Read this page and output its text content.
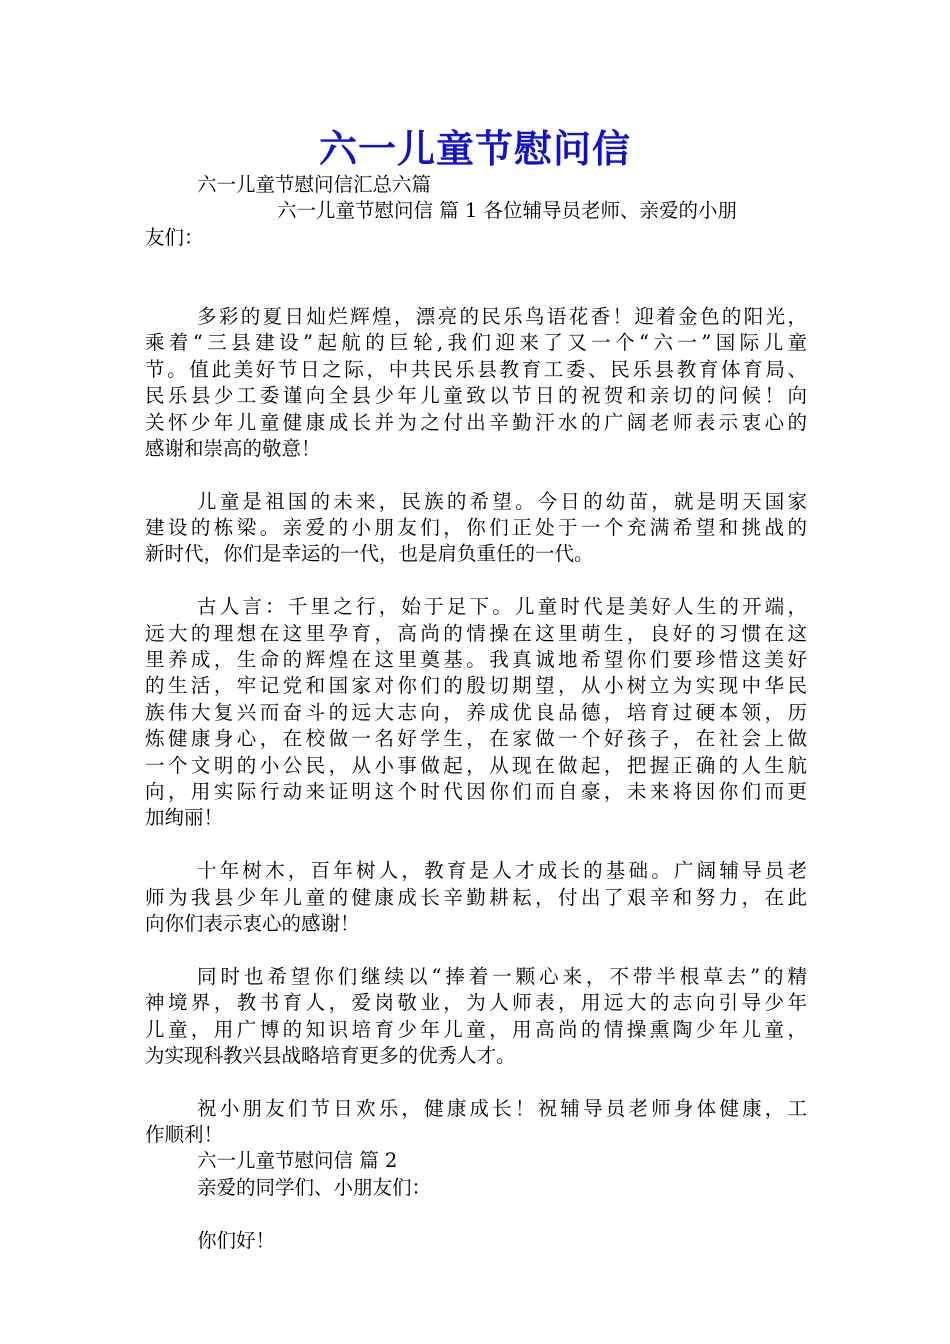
六一儿童节慰问信
六一儿童节慰问信汇总六篇
六一儿童节慰问信 篇 1 各位辅导员老师、亲爱的小朋
友们：
多彩的夏日灿烂辉煌，漂亮的民乐鸟语花香！迎着金色的阳光，
乘着“三县建设”起航的巨轮,我们迎来了又一个“六一”国际儿童
节。值此美好节日之际，中共民乐县教育工委、民乐县教育体育局、
民乐县少工委谨向全县少年儿童致以节日的祝贺和亲切的问候！向
关怀少年儿童健康成长并为之付出辛勤汗水的广阔老师表示衷心的
感谢和崇高的敬意！
儿童是祖国的未来，民族的希望。今日的幼苗，就是明天国家
建设的栋梁。亲爱的小朋友们，你们正处于一个充满希望和挑战的
新时代，你们是幸运的一代，也是肩负重任的一代。
古人言：千里之行，始于足下。儿童时代是美好人生的开端，
远大的理想在这里孕育，高尚的情操在这里萌生，良好的习惯在这
里养成，生命的辉煌在这里奠基。我真诚地希望你们要珍惜这美好
的生活，牢记党和国家对你们的殷切期望，从小树立为实现中华民
族伟大复兴而奋斗的远大志向，养成优良品德，培育过硬本领，历
炼健康身心，在校做一名好学生，在家做一个好孩子，在社会上做
一个文明的小公民，从小事做起，从现在做起，把握正确的人生航
向，用实际行动来证明这个时代因你们而自豪，未来将因你们而更
加绚丽！
十年树木，百年树人，教育是人才成长的基础。广阔辅导员老
师为我县少年儿童的健康成长辛勤耕耘，付出了艰辛和努力，在此
向你们表示衷心的感谢！
同时也希望你们继续以“捧着一颗心来，不带半根草去”的精
神境界，教书育人，爱岗敬业，为人师表，用远大的志向引导少年
儿童，用广博的知识培育少年儿童，用高尚的情操熏陶少年儿童，
为实现科教兴县战略培育更多的优秀人才。
祝小朋友们节日欢乐，健康成长！祝辅导员老师身体健康，工
作顺利！
六一儿童节慰问信 篇 2
亲爱的同学们、小朋友们：
你们好！
